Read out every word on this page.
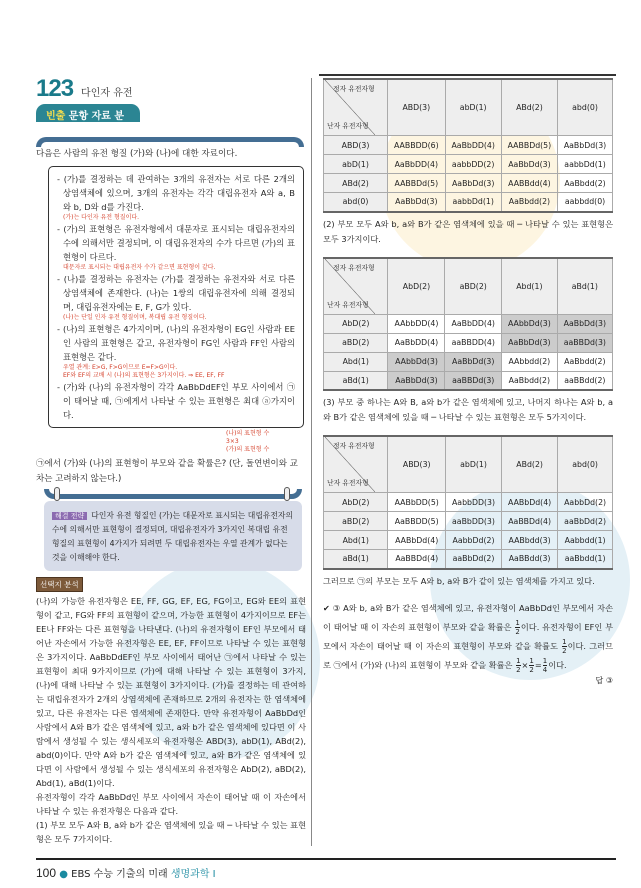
123 다인자 유전
빈출 문항 자료 분석
다음은 사람의 유전 형질 (가)와 (나)에 대한 자료이다.

- (가)를 결정하는 데 관여하는 3개의 유전자는 서로 다른 2개의 상염색체에 있으며, 3개의 유전자는 각각 대립유전자 A와 a, B와 b, D와 d를 가진다.
(가)는 다인자 유전 형질이다.

- (가)의 표현형은 유전자형에서 대문자로 표시되는 대립유전자의 수에 의해서만 결정되며, 이 대립유전자의 수가 다르면 (가)의 표현형이 다르다.
대문자로 표시되는 대립유전자 수가 같으면 표현형이 같다.

- (나)를 결정하는 유전자는 (가)를 결정하는 유전자와 서로 다른 상염색체에 존재한다. (나)는 1쌍의 대립유전자에 의해 결정되며, 대립유전자에는 E, F, G가 있다.
(나)는 단일 인자 유전 형질이며, 복대립 유전 형질이다.

- (나)의 표현형은 4가지이며, (나)의 유전자형이 EG인 사람과 EE인 사람의 표현형은 같고, 유전자형이 FG인 사람과 FF인 사람의 표현형은 같다.
우열 관계: E>G, F>G이므로 E=F>G이다.
EF와 EF의 교배 시 (나)의 표현형은 3가지이다. ⇒ EE, EF, FF

- (가)와 (나)의 유전자형이 각각 AaBbDdEF인 부모 사이에서 ㉠이 태어날 때, ㉠에게서 나타날 수 있는 표현형은 최대 ⓐ가지이다.

(나)의 표현형 수
3×3
(가)의 표현형 수
㉠에서 (가)와 (나)의 표현형이 부모와 같을 확률은? (단, 돌연변이와 교차는 고려하지 않는다.)
해결 전략 다인자 유전 형질인 (가)는 대문자로 표시되는 대립유전자의 수에 의해서만 표현형이 결정되며, 대립유전자가 3가지인 복대립 유전 형질의 표현형이 4가지가 되려면 두 대립유전자는 우열 관계가 없다는 것을 이해해야 한다.
선택지 분석

(나)의 가능한 유전자형은 EE, FF, GG, EF, EG, FG이고, EG와 EE의 표현형이 같고, FG와 FF의 표현형이 같으며, 가능한 표현형이 4가지이므로 EF는 EE나 FF와는 다른 표현형을 나타낸다. (나)의 유전자형이 EF인 부모에서 태어난 자손에서 가능한 유전자형은 EE, EF, FF이므로 나타날 수 있는 표현형은 3가지이다. AaBbDdEF인 부모 사이에서 태어난 ㉠에서 나타날 수 있는 표현형이 최대 9가지이므로 (가)에 대해 나타날 수 있는 표현형이 3가지, (나)에 대해 나타날 수 있는 표현형이 3가지이다. (가)를 결정하는 데 관여하는 대립유전자가 2개의 상염색체에 존재하므로 2개의 유전자는 한 염색체에 있고, 다른 유전자는 다른 염색체에 존재한다. 만약 유전자형이 AaBbDd인 사람에서 A와 B가 같은 염색체에 있고, a와 b가 같은 염색체에 있다면 이 사람에서 생성될 수 있는 생식세포의 유전자형은 ABD(3), abD(1), ABd(2), abd(0)이다. 만약 A와 b가 같은 염색체에 있고, a와 B가 같은 염색체에 있다면 이 사람에서 생성될 수 있는 생식세포의 유전자형은 AbD(2), aBD(2), Abd(1), aBd(1)이다.

유전자형이 각각 AaBbDd인 부모 사이에서 자손이 태어날 때 이 자손에서 나타날 수 있는 유전자형은 다음과 같다.

(1) 부모 모두 A와 B, a와 b가 같은 염색체에 있을 때 ─ 나타날 수 있는 표현형은 모두 7가지이다.

정자 유전자형
난자 유전자형	ABD(3)	abD(1)	ABd(2)	abd(0)
ABD(3)	AABBDD(6)	AaBbDD(4)	AABBDd(5)	AaBbDd(3)
abD(1)	AaBbDD(4)	aabbDD(2)	AaBbDd(3)	aabbDd(1)
ABd(2)	AABBDd(5)	AaBbDd(3)	AABBdd(4)	AaBbdd(2)
abd(0)	AaBbDd(3)	aabbDd(1)	AaBbdd(2)	aabbdd(0)
(2) 부모 모두 A와 b, a와 B가 같은 염색체에 있을 때 ─ 나타날 수 있는 표현형은 모두 3가지이다.
정자 유전자형
난자 유전자형	AbD(2)	aBD(2)	Abd(1)	aBd(1)
AbD(2)	AAbbDD(4)	AaBbDD(4)	AAbbDd(3)	AaBbDd(3)
aBD(2)	AaBbDD(4)	aaBBDD(4)	AaBbDd(3)	aaBBDd(3)
Abd(1)	AAbbDd(3)	AaBbDd(3)	AAbbdd(2)	AaBbdd(2)
aBd(1)	AaBbDd(3)	aaBBDd(3)	AaBbdd(2)	aaBBdd(2)
(3) 부모 중 하나는 A와 B, a와 b가 같은 염색체에 있고, 나머지 하나는 A와 b, a와 B가 같은 염색체에 있을 때 ─ 나타날 수 있는 표현형은 모두 5가지이다.
정자 유전자형
난자 유전자형	ABD(3)	abD(1)	ABd(2)	abd(0)
AbD(2)	AABbDD(5)	AabbDD(3)	AABbDd(4)	AabbDd(2)
aBD(2)	AaBBDD(5)	aaBbDD(3)	AaBBDd(4)	aaBbDd(2)
Abd(1)	AABbDd(4)	AabbDd(2)	AABbdd(3)	Aabbdd(1)
aBd(1)	AaBBDd(4)	aaBbDd(2)	AaBBdd(3)	aaBbdd(1)
그러므로 ㉠의 부모는 모두 A와 b, a와 B가 같이 있는 염색체를 가지고 있다.
✔ ③ A와 b, a와 B가 같은 염색체에 있고, 유전자형이 AaBbDd인 부모에서 자손이 태어날 때 이 자손의 표현형이 부모와 같을 확률은 $\frac{1}{2}$ 이다. 유전자형이 EF인 부모에서 자손이 태어날 때 이 자손의 표현형이 부모와 같을 확률도 $\frac{1}{2}$ 이다. 그러므로 ㉠에서 (가)와 (나)의 표현형이 부모와 같을 확률은 $\frac{1}{2} \times \frac{1}{2} = \frac{1}{4}$ 이다.
답 ③
100 ● EBS 수능 기출의 미래 생명과학 I
